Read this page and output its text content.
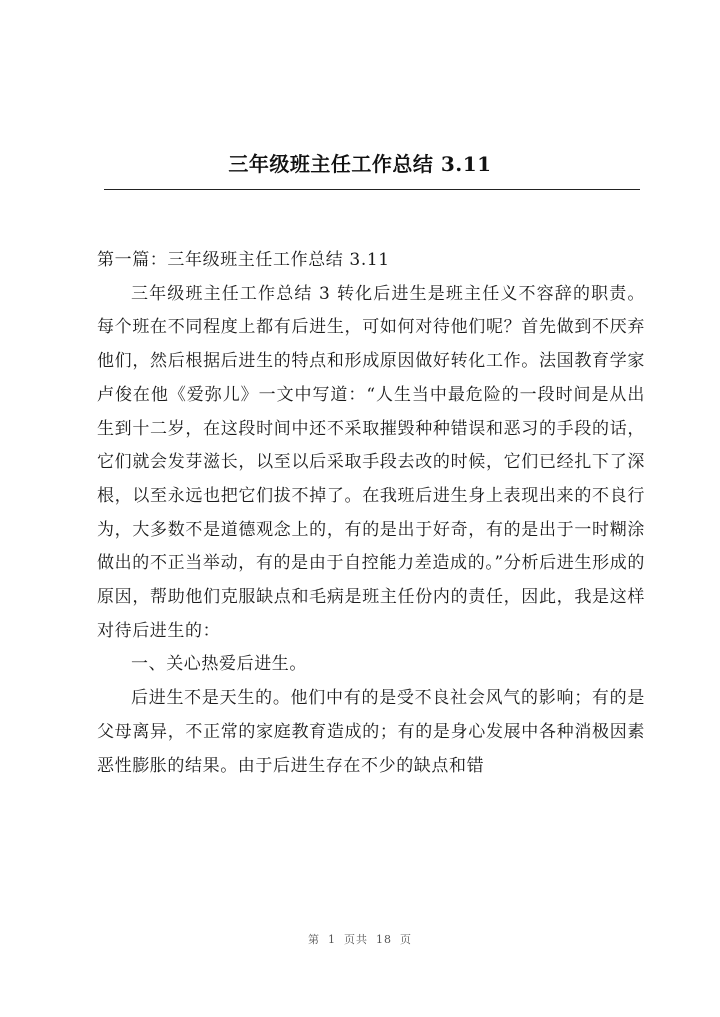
三年级班主任工作总结 3.11

第一篇：三年级班主任工作总结 3.11

三年级班主任工作总结 3 转化后进生是班主任义不容辞的职责。每个班在不同程度上都有后进生，可如何对待他们呢？首先做到不厌弃他们，然后根据后进生的特点和形成原因做好转化工作。法国教育学家卢俊在他《爱弥儿》一文中写道：“人生当中最危险的一段时间是从出生到十二岁，在这段时间中还不采取摧毁种种错误和恶习的手段的话，它们就会发芽滋长，以至以后采取手段去改的时候，它们已经扎下了深根，以至永远也把它们拔不掉了。在我班后进生身上表现出来的不良行为，大多数不是道德观念上的，有的是出于好奇，有的是出于一时糊涂做出的不正当举动，有的是由于自控能力差造成的。”分析后进生形成的原因，帮助他们克服缺点和毛病是班主任份内的责任，因此，我是这样对待后进生的：

一、关心热爱后进生。

后进生不是天生的。他们中有的是受不良社会风气的影响；有的是父母离异，不正常的家庭教育造成的；有的是身心发展中各种消极因素恶性膨胀的结果。由于后进生存在不少的缺点和错

第 1 页共 18 页
